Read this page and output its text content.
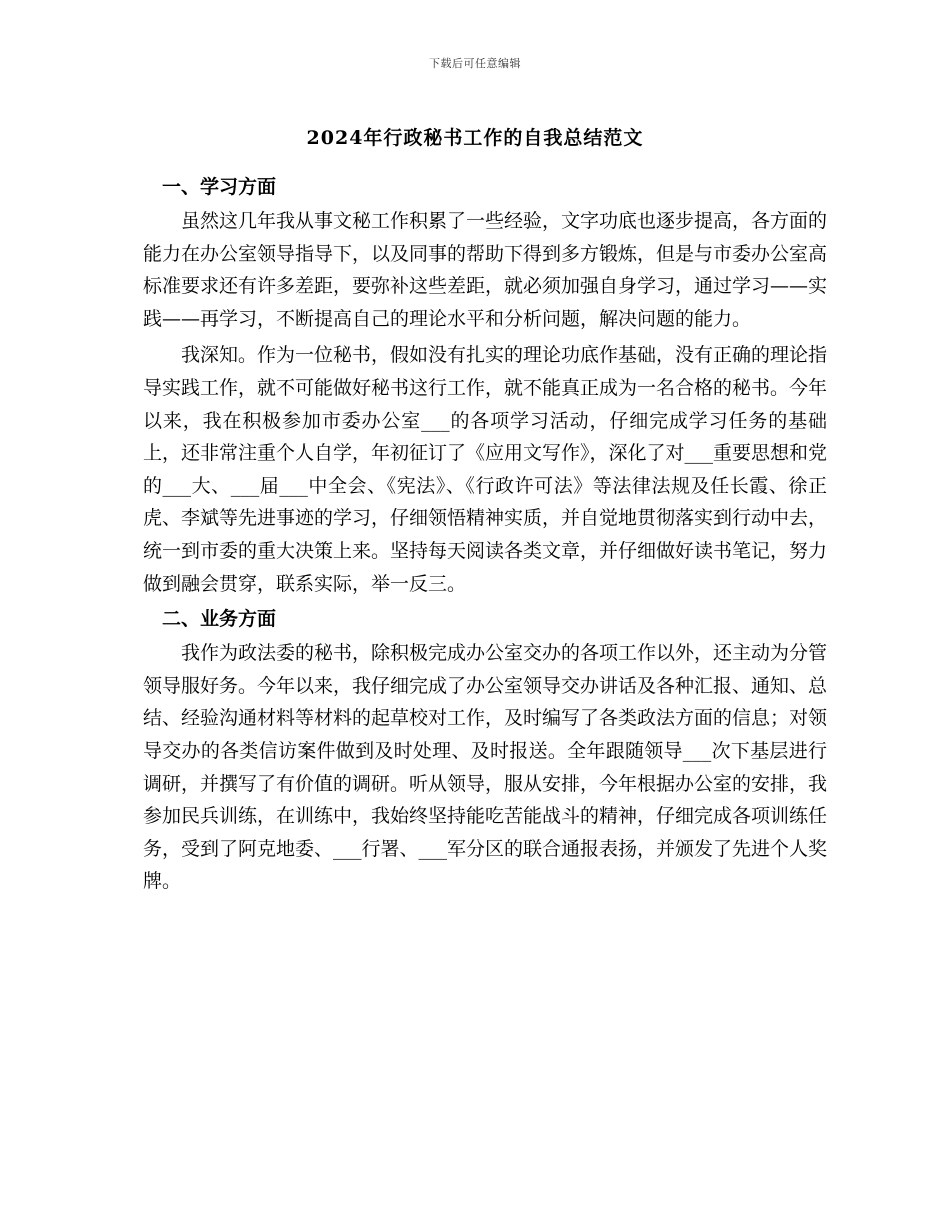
下载后可任意编辑
2024年行政秘书工作的自我总结范文
一、学习方面

虽然这几年我从事文秘工作积累了一些经验，文字功底也逐步提高，各方面的能力在办公室领导指导下，以及同事的帮助下得到多方锻炼，但是与市委办公室高标准要求还有许多差距，要弥补这些差距，就必须加强自身学习，通过学习——实践——再学习，不断提高自己的理论水平和分析问题，解决问题的能力。

我深知。作为一位秘书，假如没有扎实的理论功底作基础，没有正确的理论指导实践工作，就不可能做好秘书这行工作，就不能真正成为一名合格的秘书。今年以来，我在积极参加市委办公室___的各项学习活动，仔细完成学习任务的基础上，还非常注重个人自学，年初征订了《应用文写作》，深化了对___重要思想和党的___大、___届___中全会、《宪法》、《行政许可法》等法律法规及任长霞、徐正虎、李斌等先进事迹的学习，仔细领悟精神实质，并自觉地贯彻落实到行动中去，统一到市委的重大决策上来。坚持每天阅读各类文章，并仔细做好读书笔记，努力做到融会贯穿，联系实际，举一反三。

二、业务方面

我作为政法委的秘书，除积极完成办公室交办的各项工作以外，还主动为分管领导服好务。今年以来，我仔细完成了办公室领导交办讲话及各种汇报、通知、总结、经验沟通材料等材料的起草校对工作，及时编写了各类政法方面的信息；对领导交办的各类信访案件做到及时处理、及时报送。全年跟随领导___次下基层进行调研，并撰写了有价值的调研。听从领导，服从安排，今年根据办公室的安排，我参加民兵训练，在训练中，我始终坚持能吃苦能战斗的精神，仔细完成各项训练任务，受到了阿克地委、___行署、___军分区的联合通报表扬，并颁发了先进个人奖牌。
